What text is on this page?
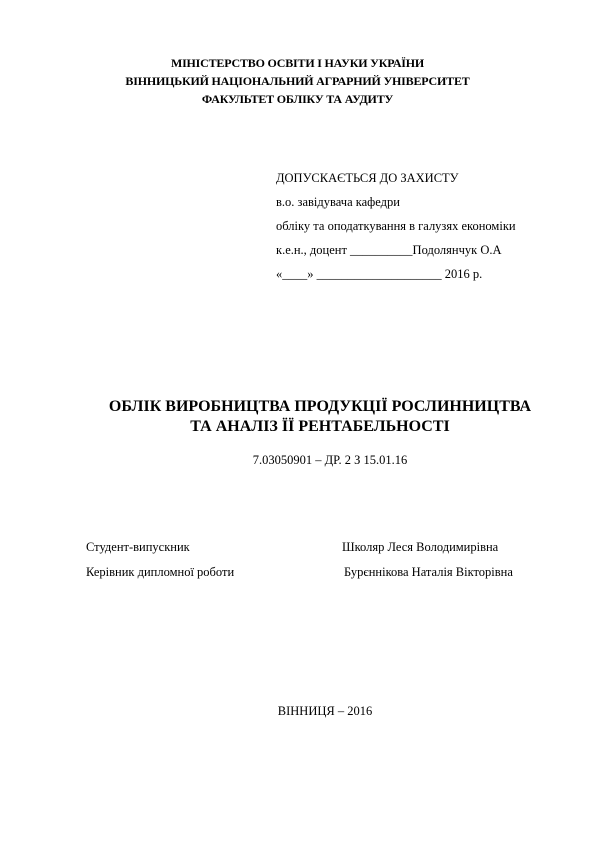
МІНІСТЕРСТВО ОСВІТИ І НАУКИ УКРАЇНИ
ВІННИЦЬКИЙ НАЦІОНАЛЬНИЙ АГРАРНИЙ УНІВЕРСИТЕТ
ФАКУЛЬТЕТ ОБЛІКУ ТА АУДИТУ
ДОПУСКАЄТЬСЯ ДО ЗАХИСТУ
в.о. завідувача кафедри
обліку та оподаткування в галузях економіки
к.е.н., доцент __________Подолянчук О.А
«____» ____________________ 2016 р.
ОБЛІК ВИРОБНИЦТВА ПРОДУКЦІЇ РОСЛИННИЦТВА
ТА АНАЛІЗ ЇЇ РЕНТАБЕЛЬНОСТІ
7.03050901 – ДР. 2 З 15.01.16
Студент-випускник	Школяр Леся Володимирівна
Керівник дипломної роботи	Бурєннікова Наталія Вікторівна
ВІННИЦЯ – 2016
